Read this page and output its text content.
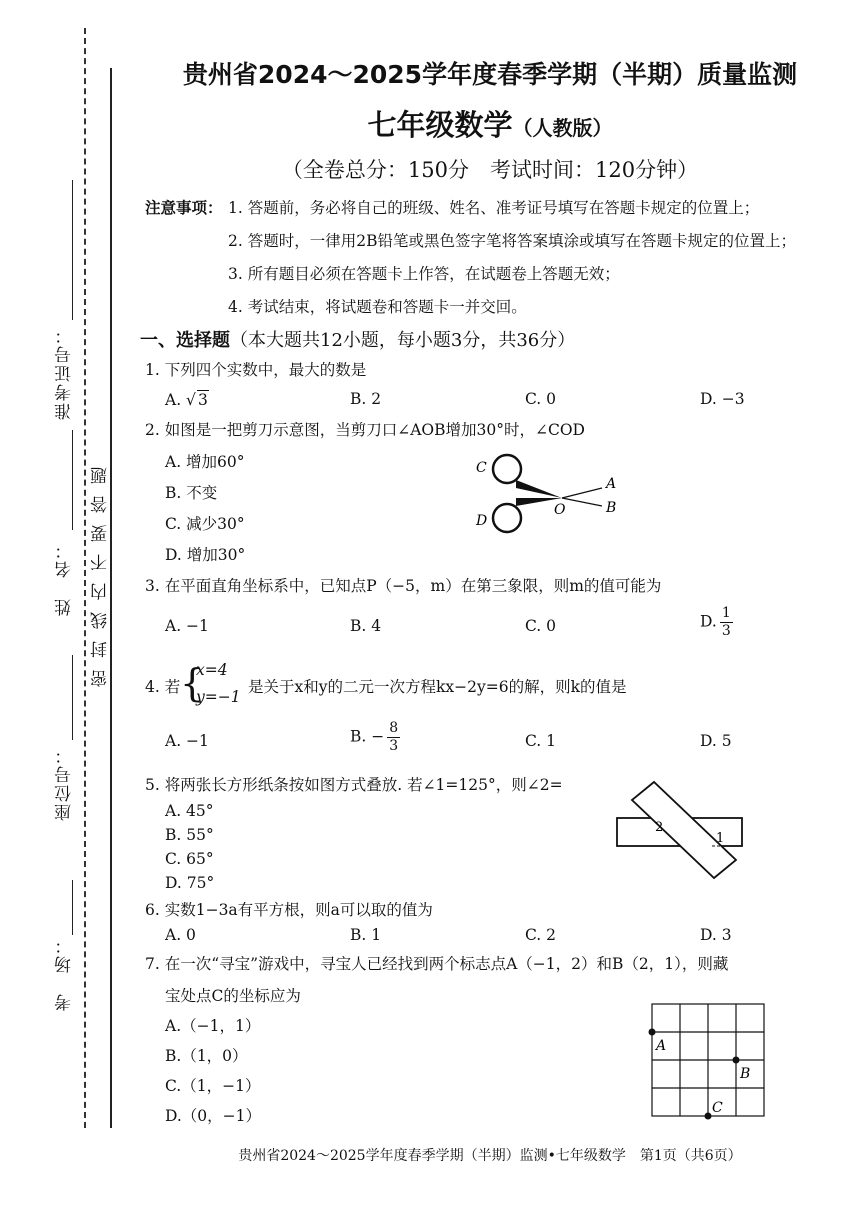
准考证号：
姓　名：
座位号：
考　场：
密封线内不要答题
贵州省2024～2025学年度春季学期（半期）质量监测
七年级数学（人教版）
（全卷总分：150分　考试时间：120分钟）
注意事项： 1. 答题前，务必将自己的班级、姓名、准考证号填写在答题卡规定的位置上；
2. 答题时，一律用2B铅笔或黑色签字笔将答案填涂或填写在答题卡规定的位置上；
3. 所有题目必须在答题卡上作答，在试题卷上答题无效；
4. 考试结束，将试题卷和答题卡一并交回。
一、选择题（本大题共12小题，每小题3分，共36分）
1. 下列四个实数中，最大的数是
A. √ 3	B. 2	C. 0	D. −3
2. 如图是一把剪刀示意图，当剪刀口∠AOB增加30°时，∠COD
A. 增加60°
B. 不变
C. 减少30°
D. 增加30°
C
D
A
B
O
3. 在平面直角坐标系中，已知点P（−5，m）在第三象限，则m的值可能为
A. −1	B. 4	C. 0	D. $\frac{1}{3}$
4. 若 {
x=4
y=−1
是关于x和y的二元一次方程kx−2y=6的解，则k的值是
A. −1	B. − $\frac{8}{3}$	C. 1	D. 5
5. 将两张长方形纸条按如图方式叠放. 若∠1=125°，则∠2=
A. 45°
B. 55°
C. 65°
D. 75°
2
1
6. 实数1−3a有平方根，则a可以取的值为
A. 0	B. 1	C. 2	D. 3
7. 在一次“寻宝”游戏中，寻宝人已经找到两个标志点A（−1，2）和B（2，1），则藏
宝处点C的坐标应为
A.（−1，1）
B.（1，0）
C.（1，−1）
D.（0，−1）
A
B
C
贵州省2024～2025学年度春季学期（半期）监测•七年级数学　第1页（共6页）
